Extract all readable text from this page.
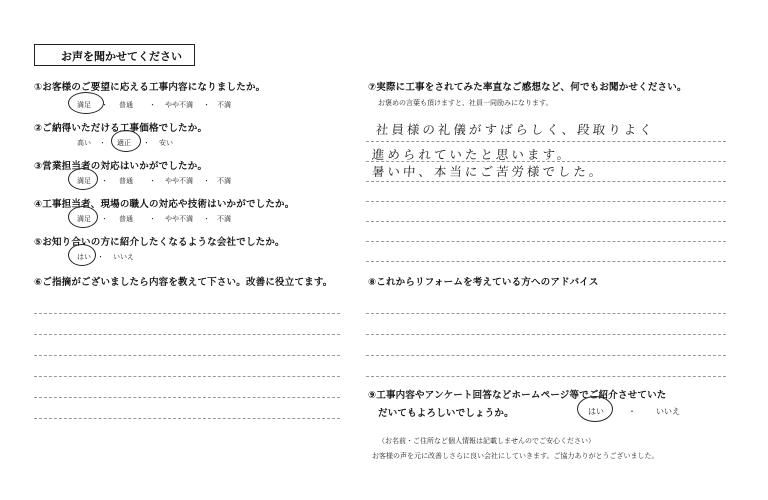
お声を聞かせてください
①お客様のご要望に応える工事内容になりましたか。
満足 ・ 普通 ・ やや不満 ・ 不満
②ご納得いただける工事価格でしたか。
高い ・ 適正 ・ 安い
③営業担当者の対応はいかがでしたか。
満足 ・ 普通 ・ やや不満 ・ 不満
④工事担当者、現場の職人の対応や技術はいかがでしたか。
満足 ・ 普通 ・ やや不満 ・ 不満
⑤お知り合いの方に紹介したくなるような会社でしたか。
はい ・ いいえ
⑥ご指摘がございましたら内容を教えて下さい。改善に役立てます。
⑦実際に工事をされてみた率直なご感想など、何でもお聞かせください。
お褒めの言葉も頂けますと、社員一同励みになります。
社員様の礼儀がすばらしく、段取りよく
進められていたと思います。
暑い中、本当にご苦労様でした。
⑧これからリフォームを考えている方へのアドバイス
⑨工事内容やアンケート回答などホームページ等でご紹介させていた
だいてもよろしいでしょうか。	はい	・	いいえ
（お名前・ご住所など個人情報は記載しませんのでご安心ください）
お客様の声を元に改善しさらに良い会社にしていきます。ご協力ありがとうございました。
